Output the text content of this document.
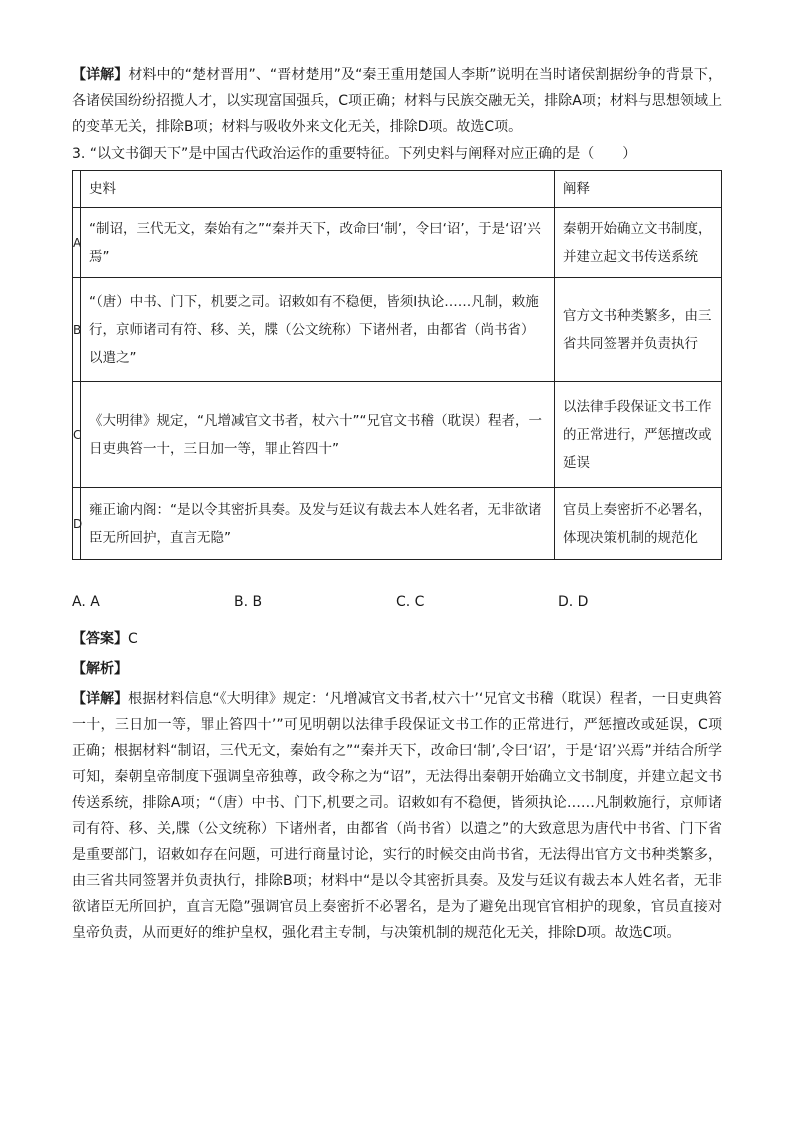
【详解】材料中的“楚材晋用”、“晋材楚用”及“秦王重用楚国人李斯”说明在当时诸侯割据纷争的背景下，各诸侯国纷纷招揽人才，以实现富国强兵，C项正确；材料与民族交融无关，排除A项；材料与思想领域上的变革无关，排除B项；材料与吸收外来文化无关，排除D项。故选C项。

3. “以文书御天下”是中国古代政治运作的重要特征。下列史料与阐释对应正确的是（　　）

	史料	阐释

A	“制诏，三代无文，秦始有之”“秦并天下，改命曰‘制’，令曰‘诏’，于是‘诏’兴焉”	秦朝开始确立文书制度，并建立起文书传送系统

B	“（唐）中书、门下，机要之司。诏敕如有不稳便，皆须Ⅰ执论……凡制，敕施行，京师诸司有符、移、关，牒（公文统称）下诸州者，由都省（尚书省）以遣之”	官方文书种类繁多，由三省共同签署并负责执行

C	《大明律》规定，“凡增减官文书者，杖六十”“兄官文书稽（耽误）程者，一日吏典笞一十，三日加一等，罪止笞四十”	以法律手段保证文书工作的正常进行，严惩擅改或延误

D	雍正谕内阁：“是以令其密折具奏。及发与廷议有裁去本人姓名者，无非欲诸臣无所回护，直言无隐”	官员上奏密折不必署名，体现决策机制的规范化
A. A	B. B	C. C	D. D
【答案】C
【解析】

【详解】根据材料信息“《大明律》规定：‘凡增减官文书者,杖六十’‘兄官文书稽（耽误）程者，一日吏典笞一十，三日加一等，罪止笞四十’”可见明朝以法律手段保证文书工作的正常进行，严惩擅改或延误，C项正确；根据材料“制诏，三代无文，秦始有之”“秦并天下，改命曰‘制’,令曰‘诏’，于是‘诏’兴焉”并结合所学可知，秦朝皇帝制度下强调皇帝独尊，政令称之为“诏”，无法得出秦朝开始确立文书制度，并建立起文书传送系统，排除A项；“（唐）中书、门下,机要之司。诏敕如有不稳便，皆须执论……凡制敕施行，京师诸司有符、移、关,牒（公文统称）下诸州者，由都省（尚书省）以遣之”的大致意思为唐代中书省、门下省是重要部门，诏敕如存在问题，可进行商量讨论，实行的时候交由尚书省，无法得出官方文书种类繁多，由三省共同签署并负责执行，排除B项；材料中“是以令其密折具奏。及发与廷议有裁去本人姓名者，无非欲诸臣无所回护，直言无隐”强调官员上奏密折不必署名，是为了避免出现官官相护的现象，官员直接对皇帝负责，从而更好的维护皇权，强化君主专制，与决策机制的规范化无关，排除D项。故选C项。
